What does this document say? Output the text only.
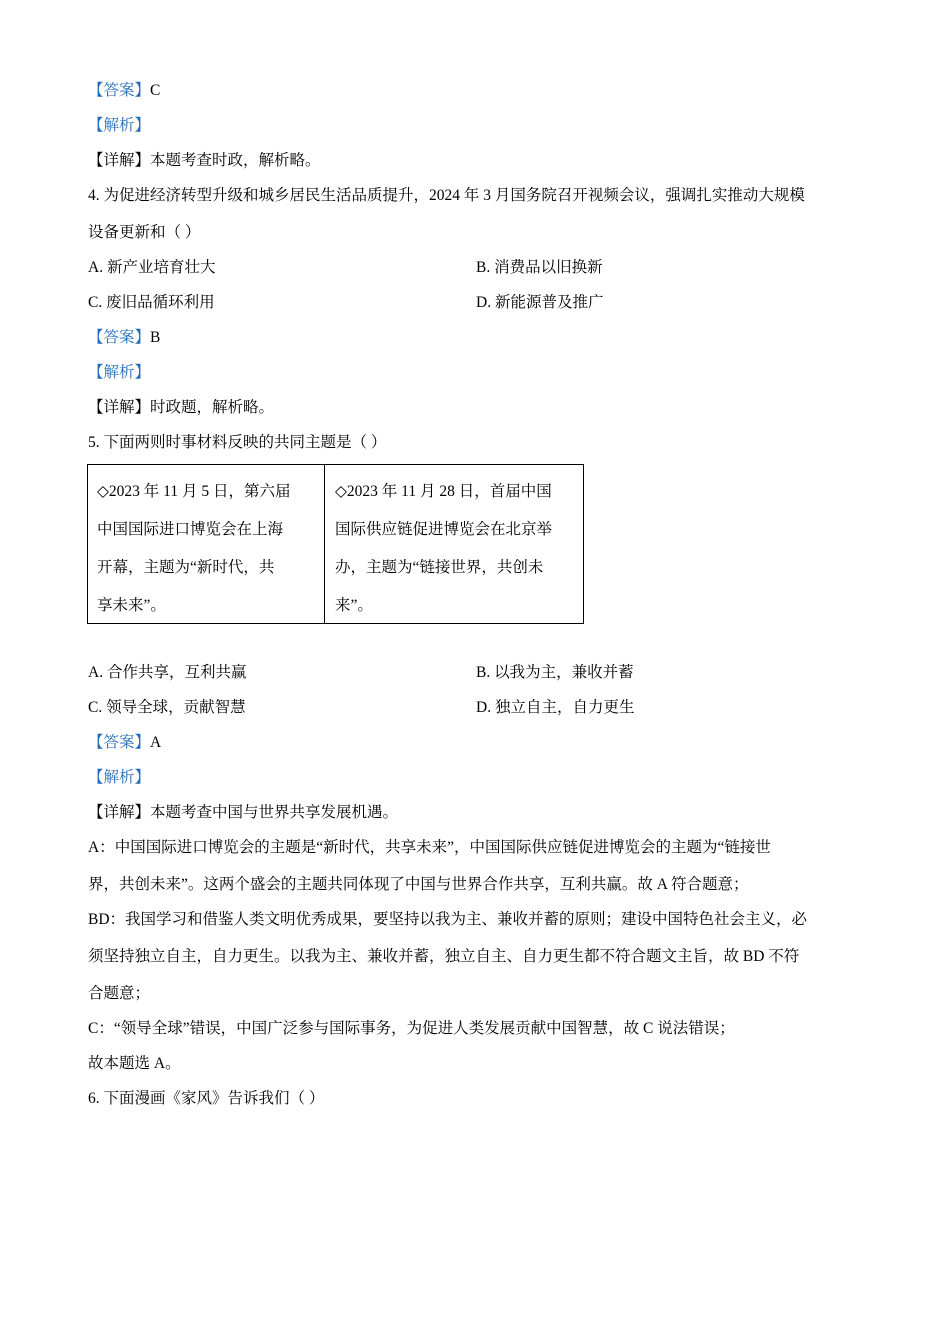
【答案】C
【解析】
【详解】本题考查时政，解析略。
4. 为促进经济转型升级和城乡居民生活品质提升，2024 年 3 月国务院召开视频会议，强调扎实推动大规模
设备更新和（ ）
A. 新产业培育壮大	B. 消费品以旧换新
C. 废旧品循环利用	D. 新能源普及推广
【答案】B
【解析】
【详解】时政题，解析略。
5. 下面两则时事材料反映的共同主题是（ ）
◇2023 年 11 月 5 日，第六届
中国国际进口博览会在上海
开幕，主题为“新时代，共
享未来”。
◇2023 年 11 月 28 日，首届中国
国际供应链促进博览会在北京举
办，主题为“链接世界，共创未
来”。
A. 合作共享，互利共赢	B. 以我为主，兼收并蓄
C. 领导全球，贡献智慧	D. 独立自主，自力更生
【答案】A
【解析】
【详解】本题考查中国与世界共享发展机遇。
A：中国国际进口博览会的主题是“新时代，共享未来”，中国国际供应链促进博览会的主题为“链接世
界，共创未来”。这两个盛会的主题共同体现了中国与世界合作共享，互利共赢。故 A 符合题意；
BD：我国学习和借鉴人类文明优秀成果，要坚持以我为主、兼收并蓄的原则；建设中国特色社会主义，必
须坚持独立自主，自力更生。以我为主、兼收并蓄，独立自主、自力更生都不符合题文主旨，故 BD 不符
合题意；
C：“领导全球”错误，中国广泛参与国际事务，为促进人类发展贡献中国智慧，故 C 说法错误；
故本题选 A。
6. 下面漫画《家风》告诉我们（ ）
